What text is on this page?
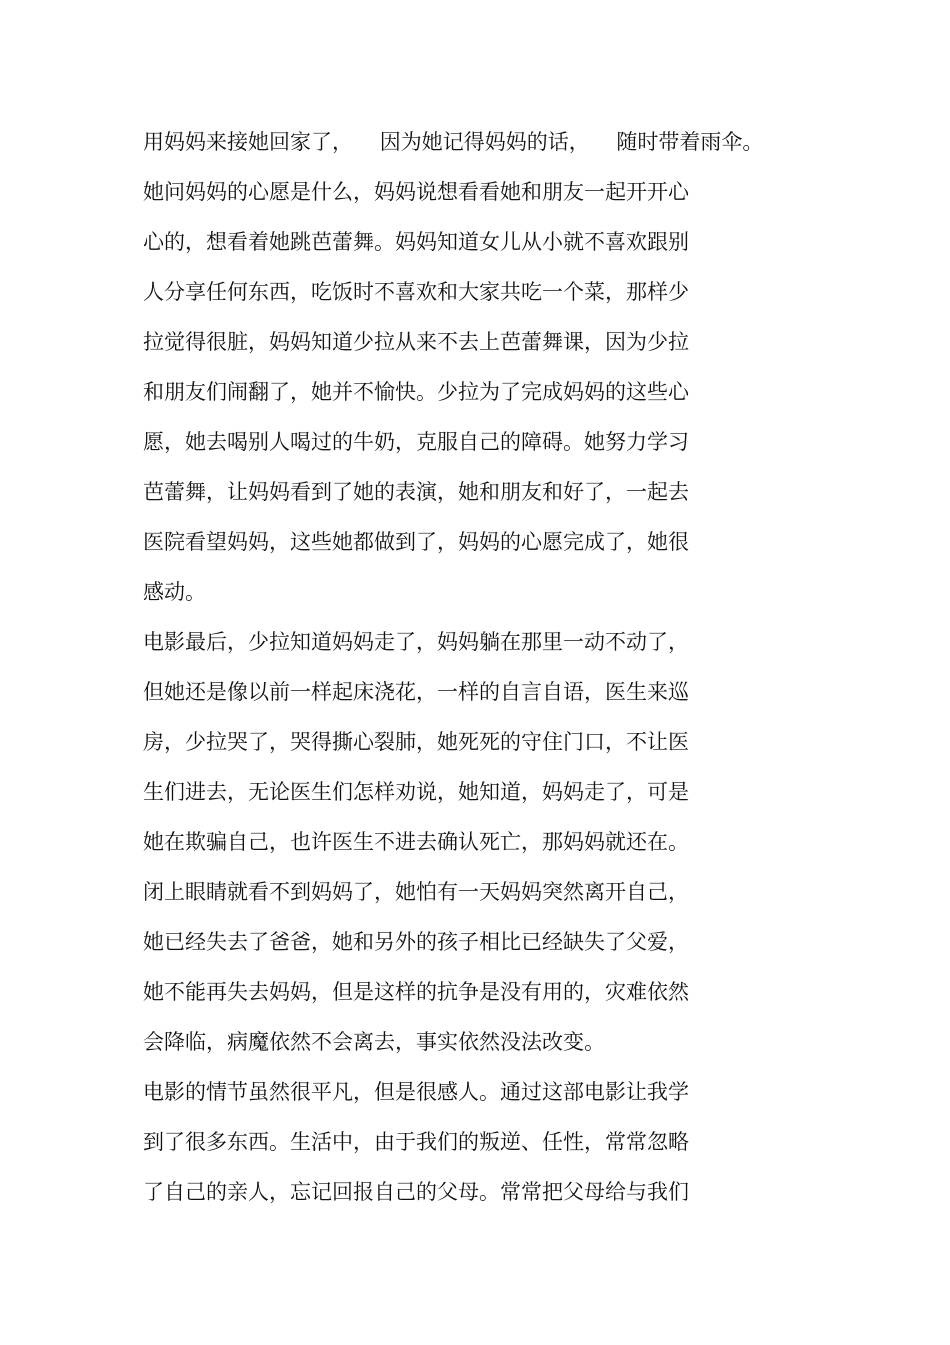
用妈妈来接她回家了，    因为她记得妈妈的话，    随时带着雨伞。

她问妈妈的心愿是什么，妈妈说想看看她和朋友一起开开心

心的，想看着她跳芭蕾舞。妈妈知道女儿从小就不喜欢跟别

人分享任何东西，吃饭时不喜欢和大家共吃一个菜，那样少

拉觉得很脏，妈妈知道少拉从来不去上芭蕾舞课，因为少拉

和朋友们闹翻了，她并不愉快。少拉为了完成妈妈的这些心

愿，她去喝别人喝过的牛奶，克服自己的障碍。她努力学习

芭蕾舞，让妈妈看到了她的表演，她和朋友和好了，一起去

医院看望妈妈，这些她都做到了，妈妈的心愿完成了，她很

感动。

电影最后，少拉知道妈妈走了，妈妈躺在那里一动不动了，

但她还是像以前一样起床浇花，一样的自言自语，医生来巡

房，少拉哭了，哭得撕心裂肺，她死死的守住门口，不让医

生们进去，无论医生们怎样劝说，她知道，妈妈走了，可是

她在欺骗自己，也许医生不进去确认死亡，那妈妈就还在。

闭上眼睛就看不到妈妈了，她怕有一天妈妈突然离开自己，

她已经失去了爸爸，她和另外的孩子相比已经缺失了父爱，

她不能再失去妈妈，但是这样的抗争是没有用的，灾难依然

会降临，病魔依然不会离去，事实依然没法改变。

电影的情节虽然很平凡，但是很感人。通过这部电影让我学

到了很多东西。生活中，由于我们的叛逆、任性，常常忽略

了自己的亲人，忘记回报自己的父母。常常把父母给与我们
